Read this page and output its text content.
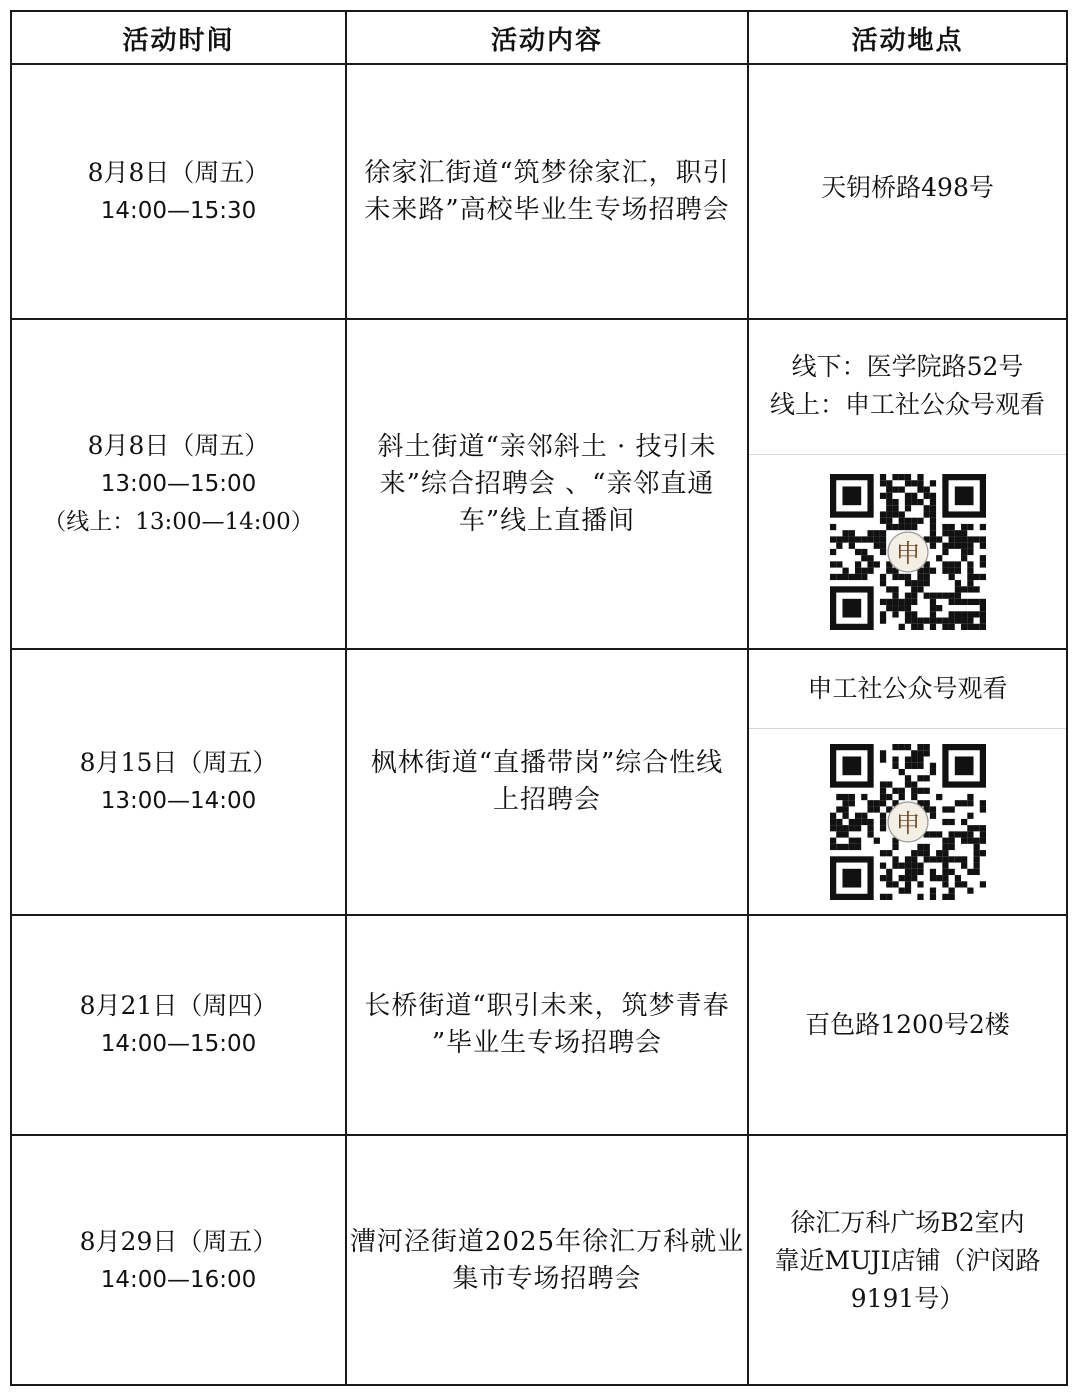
活动时间	活动内容	活动地点
8月8日（周五）
14:00—15:30
徐家汇街道“筑梦徐家汇，职引
未来路”高校毕业生专场招聘会
天钥桥路498号
8月8日（周五）
13:00—15:00
（线上：13:00—14:00）
斜土街道“亲邻斜土 · 技引未
来”综合招聘会 、“亲邻直通
车”线上直播间
线下：医学院路52号
线上：申工社公众号观看
申
8月15日（周五）
13:00—14:00
枫林街道“直播带岗”综合性线
上招聘会
申工社公众号观看
申
8月21日（周四）
14:00—15:00
长桥街道“职引未来，筑梦青春
”毕业生专场招聘会
百色路1200号2楼
8月29日（周五）
14:00—16:00
漕河泾街道2025年徐汇万科就业
集市专场招聘会
徐汇万科广场B2室内
靠近MUJI店铺（沪闵路
9191号）
